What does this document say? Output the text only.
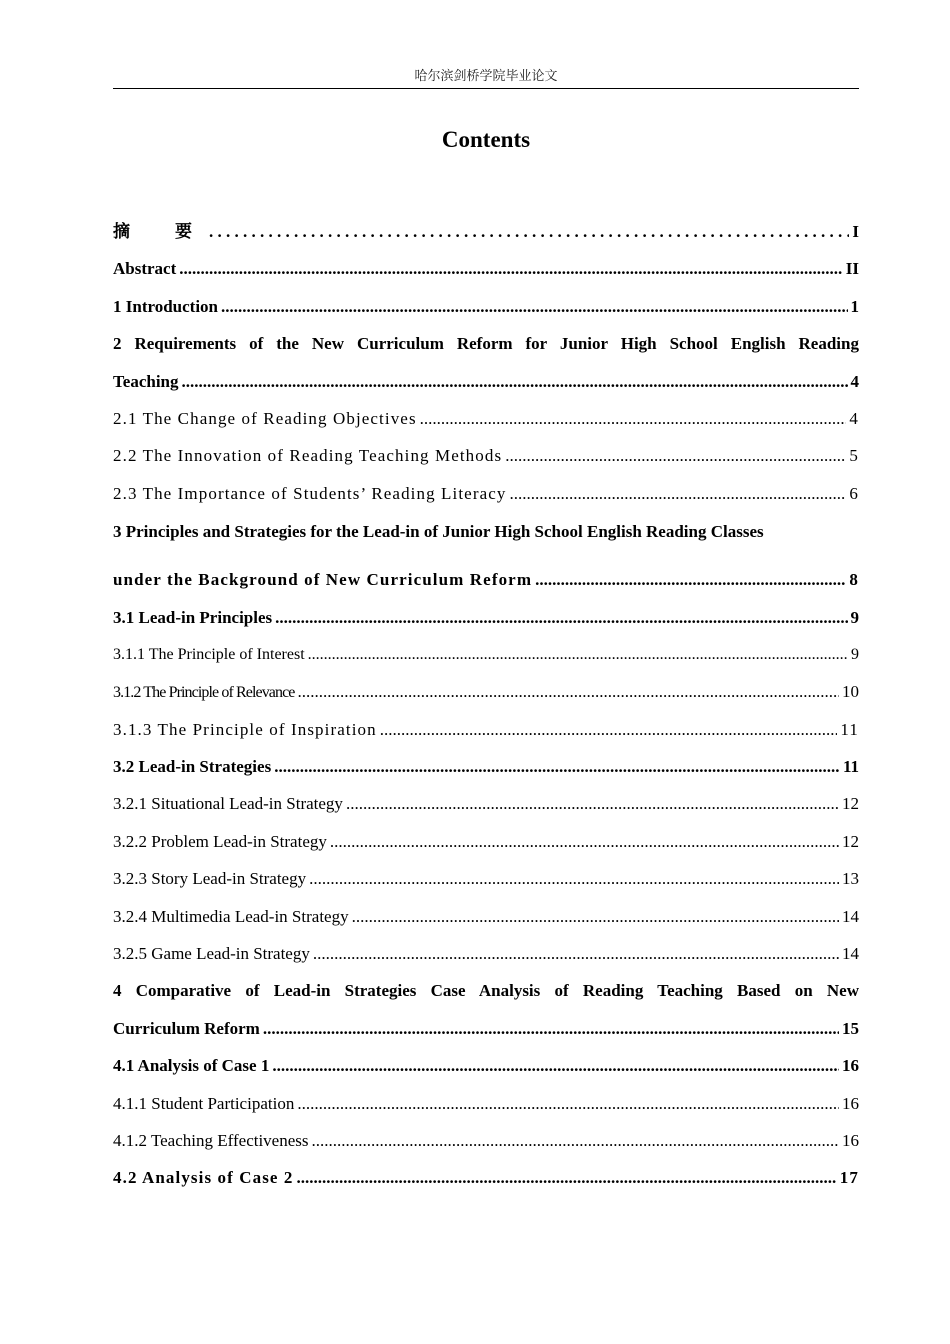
哈尔滨剑桥学院毕业论文
Contents
摘　要 . . .	I
Abstract .....	II
1 Introduction .....	1
2 Requirements of the New Curriculum Reform for Junior High School English Reading
Teaching .....	4
2.1 The Change of Reading Objectives .....	4
2.2 The Innovation of Reading Teaching Methods .....	5
2.3 The Importance of Students’ Reading Literacy .....	6
3 Principles and Strategies for the Lead-in of Junior High School English Reading Classes
under the Background of New Curriculum Reform .....	8
3.1 Lead-in Principles .....	9
3.1.1 The Principle of Interest .....	9
3.1.2 The Principle of Relevance .....	10
3.1.3 The Principle of Inspiration .....	11
3.2 Lead-in Strategies .....	11
3.2.1 Situational Lead-in Strategy .....	12
3.2.2 Problem Lead-in Strategy .....	12
3.2.3 Story Lead-in Strategy .....	13
3.2.4 Multimedia Lead-in Strategy .....	14
3.2.5 Game Lead-in Strategy .....	14
4 Comparative of Lead-in Strategies Case Analysis of Reading Teaching Based on New
Curriculum Reform .....	15
4.1 Analysis of Case 1 .....	16
4.1.1 Student Participation .....	16
4.1.2 Teaching Effectiveness .....	16
4.2 Analysis of Case 2 .....	17
